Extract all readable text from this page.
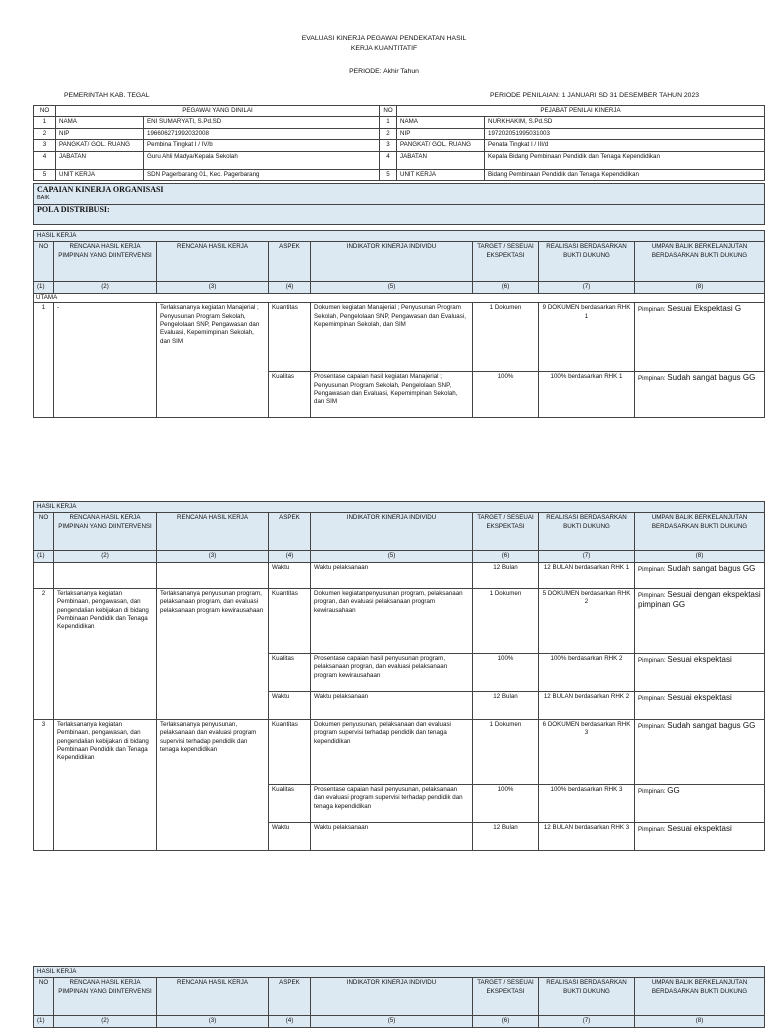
EVALUASI KINERJA PEGAWAI PENDEKATAN HASIL
KERJA KUANTITATIF
PERIODE: Akhir Tahun
PEMERINTAH KAB. TEGAL	PERIODE PENILAIAN: 1 JANUARI SD 31 DESEMBER TAHUN 2023
NO	PEGAWAI YANG DINILAI		NO	PEJABAT PENILAI KINERJA	
1	NAMA	ENI SUMARYATI, S.Pd.SD	1	NAMA	NURKHAKIM, S.Pd.SD
2	NIP	196606271992032008	2	NIP	197202051995031003
3	PANGKAT/ GOL. RUANG	Pembina Tingkat I / IV/b	3	PANGKAT/ GOL. RUANG	Penata Tingkat I / III/d
4	JABATAN	Guru Ahli Madya/Kepala Sekolah	4	JABATAN	Kepala Bidang Pembinaan Pendidik dan Tenaga Kependidikan
5	UNIT KERJA	SDN Pagerbarang 01, Kec. Pagerbarang	5	UNIT KERJA	Bidang Pembinaan Pendidik dan Tenaga Kependidikan
CAPAIAN KINERJA ORGANISASI
BAIK

POLA DISTRIBUSI:
HASIL KERJA							
NO	RENCANA HASIL KERJA PIMPINAN YANG DIINTERVENSI	RENCANA HASIL KERJA	ASPEK	INDIKATOR KINERJA INDIVIDU	TARGET / SESEUAI EKSPEKTASI	REALISASI BERDASARKAN BUKTI DUKUNG	UMPAN BALIK BERKELANJUTAN BERDASARKAN BUKTI DUKUNG
(1)	(2)	(3)	(4)	(5)	(6)	(7)	(8)
UTAMA							
1	-	Terlaksananya kegiatan Manajerial ; Penyusunan Program Sekolah, Pengelolaan SNP, Pengawasan dan Evaluasi, Kepemimpinan Sekolah, dan SIM	Kuantitas	Dokumen kegiatan Manajerial ; Penyusunan Program Sekolah, Pengelolaan SNP, Pengawasan dan Evaluasi, Kepemimpinan Sekolah, dan SIM	1 Dokumen	9 DOKUMEN berdasarkan RHK 1	Pimpinan: Sesuai Ekspektasi G
			Kualitas	Prosentase capaian hasil kegiatan Manajerial ; Penyusunan Program Sekolah, Pengelolaan SNP, Pengawasan dan Evaluasi, Kepemimpinan Sekolah, dan SIM	100%	100% berdasarkan RHK 1	Pimpinan: Sudah sangat bagus GG
HASIL KERJA							
NO	RENCANA HASIL KERJA PIMPINAN YANG DIINTERVENSI	RENCANA HASIL KERJA	ASPEK	INDIKATOR KINERJA INDIVIDU	TARGET / SESEUAI EKSPEKTASI	REALISASI BERDASARKAN BUKTI DUKUNG	UMPAN BALIK BERKELANJUTAN BERDASARKAN BUKTI DUKUNG
(1)	(2)	(3)	(4)	(5)	(6)	(7)	(8)
			Waktu	Waktu pelaksanaan	12 Bulan	12 BULAN berdasarkan RHK 1	Pimpinan: Sudah sangat bagus GG
2	Terlaksananya kegiatan Pembinaan, pengawasan, dan pengendalian kebijakan di bidang Pembinaan Pendidik dan Tenaga Kependidikan	Terlaksananya penyusunan program, pelaksanaan program, dan evaluasi pelaksanaan program kewirausahaan	Kuantitas	Dokumen kegiatanpenyusunan program, pelaksanaan progran, dan evaluasi pelaksanaan program kewirausahaan	1 Dokumen	5 DOKUMEN berdasarkan RHK 2	Pimpinan: Sesuai dengan ekspektasi pimpinan GG
			Kualitas	Prosentase capaian hasil penyusunan program, pelaksanaan progran, dan evaluasi pelaksanaan program kewirausahaan	100%	100% berdasarkan RHK 2	Pimpinan: Sesuai ekspektasi
			Waktu	Waktu pelaksanaan	12 Bulan	12 BULAN berdasarkan RHK 2	Pimpinan: Sesuai ekspektasi
3	Terlaksananya kegiatan Pembinaan, pengawasan, dan pengendalian kebijakan di bidang Pembinaan Pendidik dan Tenaga Kependidikan	Terlaksananya penyusunan, pelaksanaan dan evaluasi program supervisi terhadap pendidik dan tenaga kependidikan	Kuantitas	Dokumen penyusunan, pelaksanaan dan evaluasi program supervisi terhadap pendidik dan tenaga kependidikan	1 Dokumen	6 DOKUMEN berdasarkan RHK 3	Pimpinan: Sudah sangat bagus GG
			Kualitas	Prosentase capaian hasil penyusunan, pelaksanaan dan evaluasi program supervisi terhadap pendidik dan tenaga kependidikan	100%	100% berdasarkan RHK 3	Pimpinan: GG
			Waktu	Waktu pelaksanaan	12 Bulan	12 BULAN berdasarkan RHK 3	Pimpinan: Sesuai ekspektasi
HASIL KERJA							
NO	RENCANA HASIL KERJA PIMPINAN YANG DIINTERVENSI	RENCANA HASIL KERJA	ASPEK	INDIKATOR KINERJA INDIVIDU	TARGET / SESEUAI EKSPEKTASI	REALISASI BERDASARKAN BUKTI DUKUNG	UMPAN BALIK BERKELANJUTAN BERDASARKAN BUKTI DUKUNG
(1)	(2)	(3)	(4)	(5)	(6)	(7)	(8)
